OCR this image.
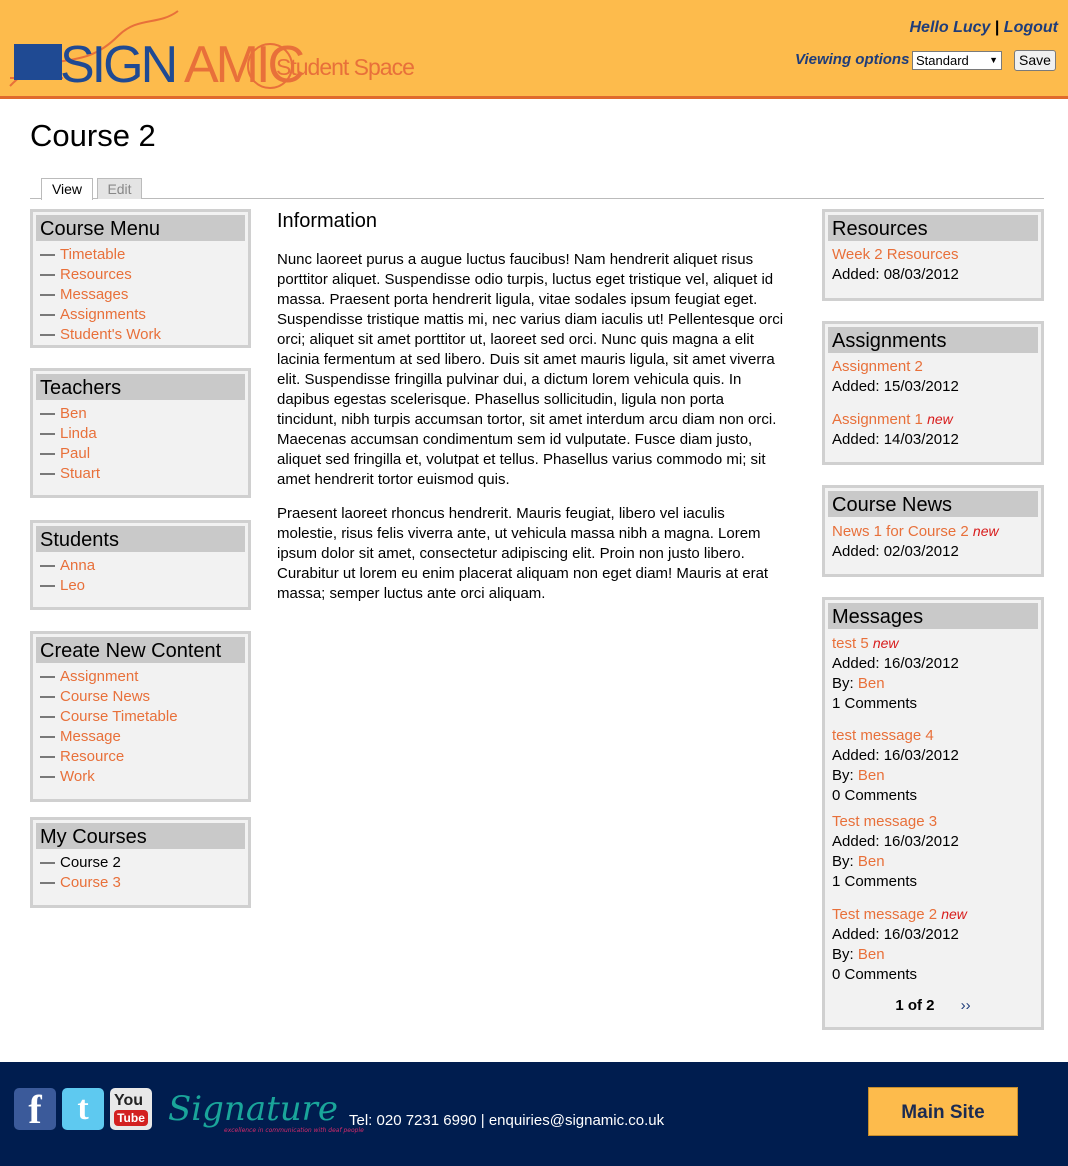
SIGN AMIC
Student Space
Hello Lucy | Logout
Viewing options Standard ▼	Save
Course 2
View	Edit
Course Menu
— Timetable
— Resources
— Messages
— Assignments
— Student's Work
Teachers
— Ben
— Linda
— Paul
— Stuart
Students
— Anna
— Leo
Create New Content
— Assignment
— Course News
— Course Timetable
— Message
— Resource
— Work
My Courses
— Course 2
— Course 3
Information

Nunc laoreet purus a augue luctus faucibus! Nam hendrerit aliquet risus porttitor aliquet. Suspendisse odio turpis, luctus eget tristique vel, aliquet id massa. Praesent porta hendrerit ligula, vitae sodales ipsum feugiat eget. Suspendisse tristique mattis mi, nec varius diam iaculis ut! Pellentesque orci orci; aliquet sit amet porttitor ut, laoreet sed orci. Nunc quis magna a elit lacinia fermentum at sed libero. Duis sit amet mauris ligula, sit amet viverra elit. Suspendisse fringilla pulvinar dui, a dictum lorem vehicula quis. In dapibus egestas scelerisque. Phasellus sollicitudin, ligula non porta tincidunt, nibh turpis accumsan tortor, sit amet interdum arcu diam non orci. Maecenas accumsan condimentum sem id vulputate. Fusce diam justo, aliquet sed fringilla et, volutpat et tellus. Phasellus varius commodo mi; sit amet hendrerit tortor euismod quis.

Praesent laoreet rhoncus hendrerit. Mauris feugiat, libero vel iaculis molestie, risus felis viverra ante, ut vehicula massa nibh a magna. Lorem ipsum dolor sit amet, consectetur adipiscing elit. Proin non justo libero. Curabitur ut lorem eu enim placerat aliquam non eget diam! Mauris at erat massa; semper luctus ante orci aliquam.

Resources
Week 2 Resources
Added: 08/03/2012
Assignments
Assignment 2
Added: 15/03/2012
Assignment 1 new
Added: 14/03/2012
Course News
News 1 for Course 2 new
Added: 02/03/2012
Messages
test 5 new
Added: 16/03/2012
By: Ben
1 Comments
test message 4
Added: 16/03/2012
By: Ben
0 Comments
Test message 3
Added: 16/03/2012
By: Ben
1 Comments
Test message 2 new
Added: 16/03/2012
By: Ben
0 Comments
1 of 2 ››
f	t	You
Tube Signature
excellence in communication with deaf people
Tel: 020 7231 6990 | enquiries@signamic.co.uk	Main Site
